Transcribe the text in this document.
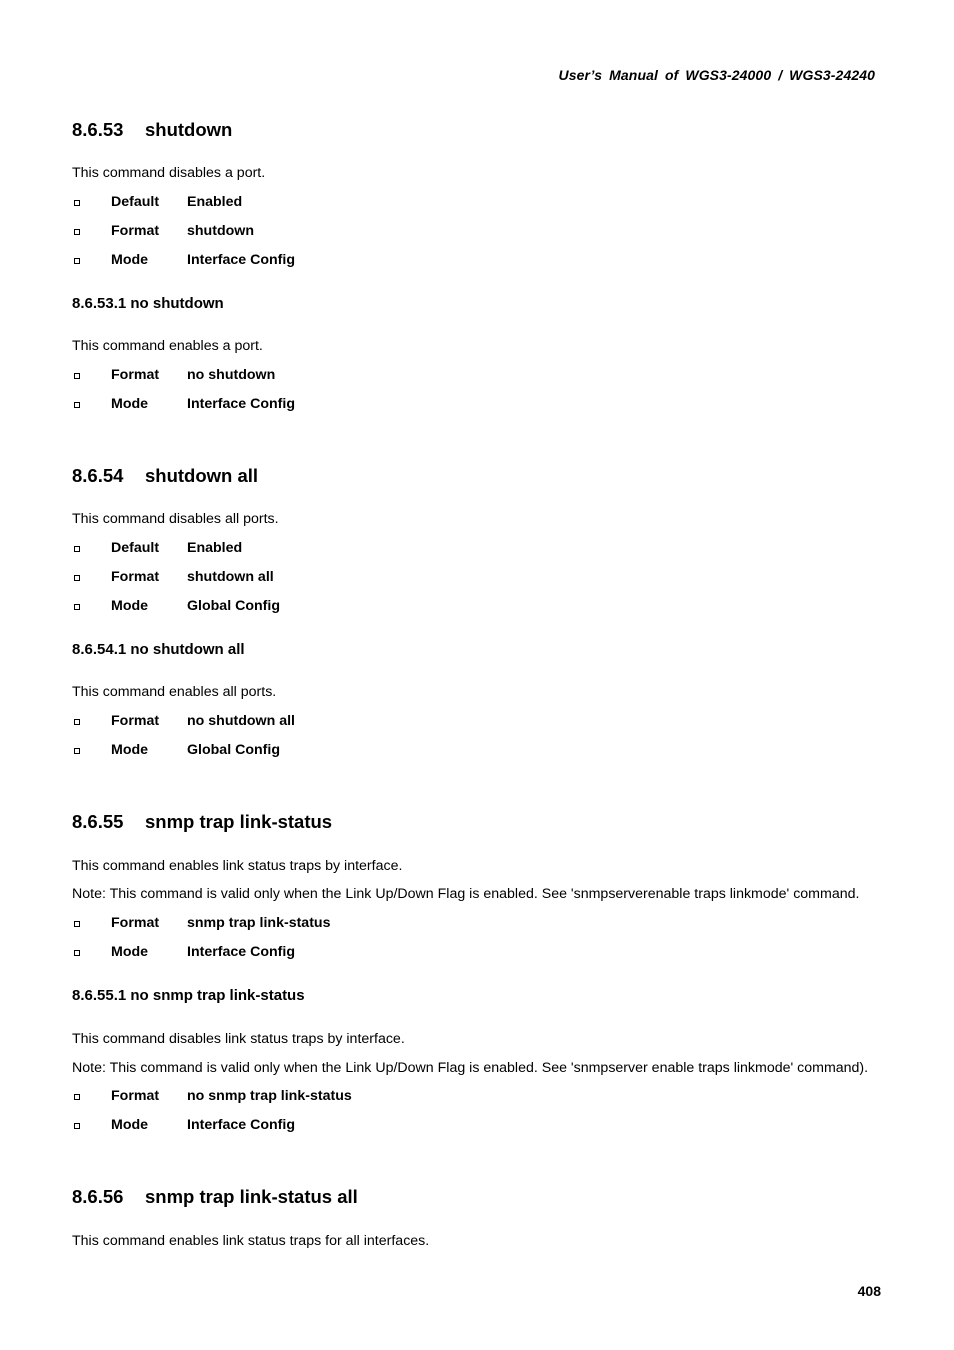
User’s Manual of WGS3-24000 / WGS3-24240
8.6.53 shutdown
This command disables a port.
Default	Enabled
Format	shutdown
Mode	Interface Config
8.6.53.1 no shutdown
This command enables a port.
Format	no shutdown
Mode	Interface Config
8.6.54 shutdown all
This command disables all ports.
Default	Enabled
Format	shutdown all
Mode	Global Config
8.6.54.1 no shutdown all
This command enables all ports.
Format	no shutdown all
Mode	Global Config
8.6.55 snmp trap link-status
This command enables link status traps by interface.
Note: This command is valid only when the Link Up/Down Flag is enabled. See 'snmpserverenable traps linkmode' command.
Format	snmp trap link-status
Mode	Interface Config
8.6.55.1 no snmp trap link-status
This command disables link status traps by interface.
Note: This command is valid only when the Link Up/Down Flag is enabled. See 'snmpserver enable traps linkmode' command).
Format	no snmp trap link-status
Mode	Interface Config
8.6.56 snmp trap link-status all
This command enables link status traps for all interfaces.
408
